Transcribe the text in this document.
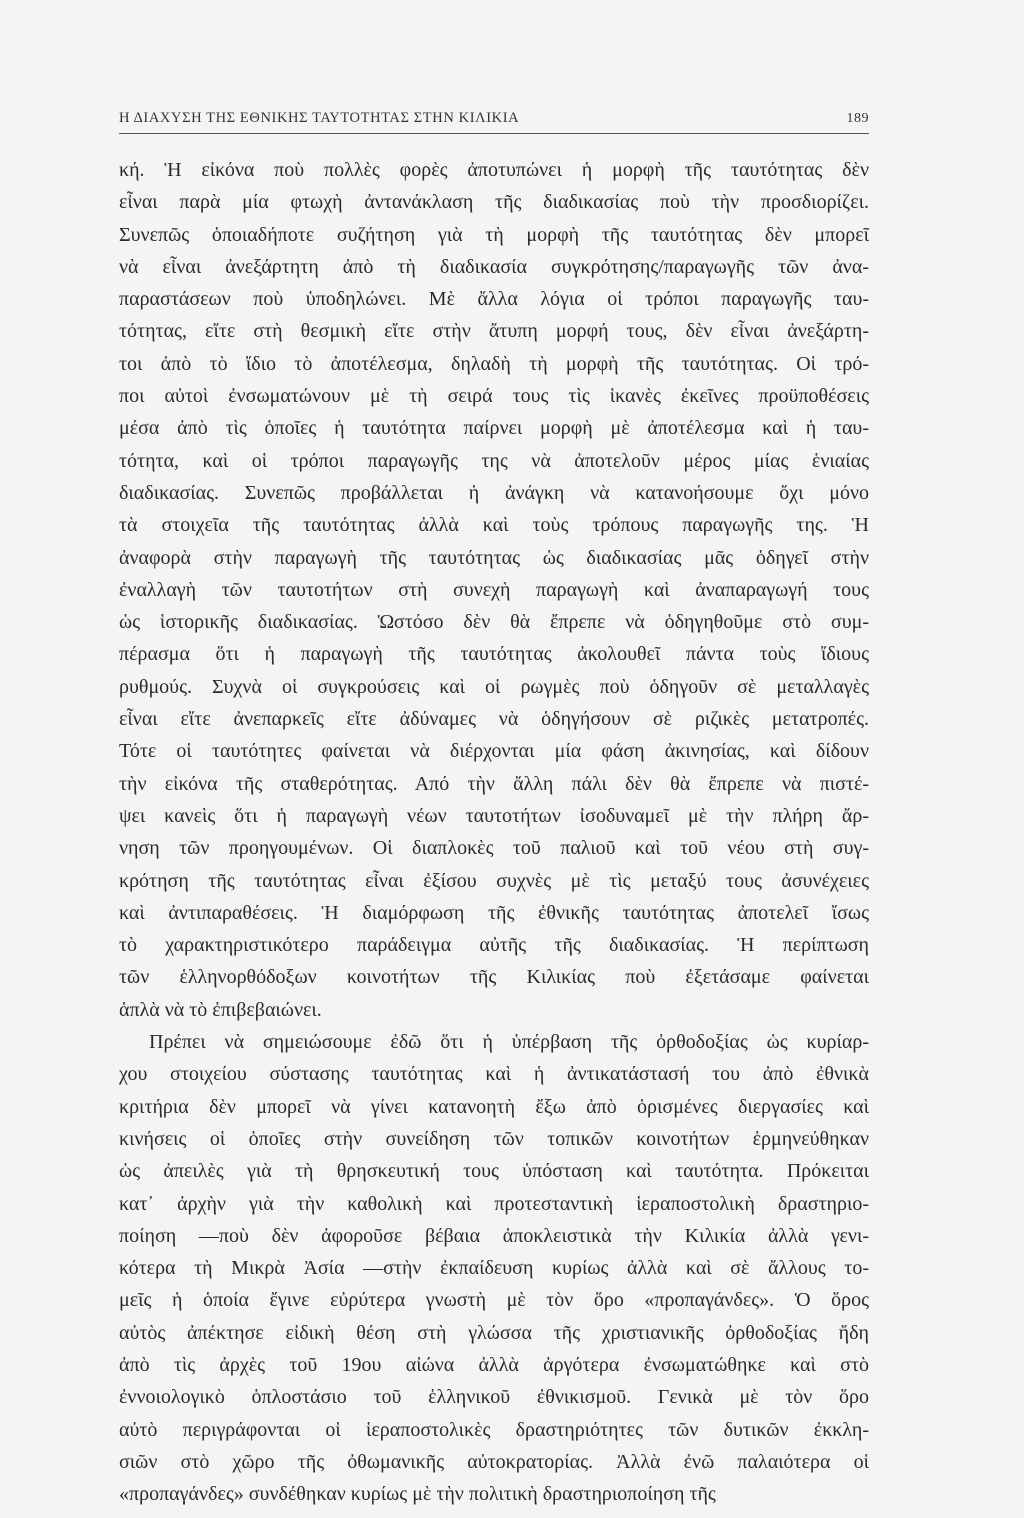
Η ΔΙΑΧΥΣΗ ΤΗΣ ΕΘΝΙΚΗΣ ΤΑΥΤΟΤΗΤΑΣ ΣΤΗΝ ΚΙΛΙΚΙΑ	189

κή. Ἡ εἰκόνα ποὺ πολλὲς φορὲς ἀποτυπώνει ἡ μορφὴ τῆς ταυτότητας δὲν
εἶναι παρὰ μία φτωχὴ ἀντανάκλαση τῆς διαδικασίας ποὺ τὴν προσδιορίζει.
Συνεπῶς ὁποιαδήποτε συζήτηση γιὰ τὴ μορφὴ τῆς ταυτότητας δὲν μπορεῖ
νὰ εἶναι ἀνεξάρτητη ἀπὸ τὴ διαδικασία συγκρότησης/παραγωγῆς τῶν ἀνα-
παραστάσεων ποὺ ὑποδηλώνει. Μὲ ἄλλα λόγια οἱ τρόποι παραγωγῆς ταυ-
τότητας, εἴτε στὴ θεσμικὴ εἴτε στὴν ἄτυπη μορφή τους, δὲν εἶναι ἀνεξάρτη-
τοι ἀπὸ τὸ ἴδιο τὸ ἀποτέλεσμα, δηλαδὴ τὴ μορφὴ τῆς ταυτότητας. Οἱ τρό-
ποι αὐτοὶ ἐνσωματώνουν μὲ τὴ σειρά τους τὶς ἱκανὲς ἐκεῖνες προϋποθέσεις
μέσα ἀπὸ τὶς ὁποῖες ἡ ταυτότητα παίρνει μορφὴ μὲ ἀποτέλεσμα καὶ ἡ ταυ-
τότητα, καὶ οἱ τρόποι παραγωγῆς της νὰ ἀποτελοῦν μέρος μίας ἑνιαίας
διαδικασίας. Συνεπῶς προβάλλεται ἡ ἀνάγκη νὰ κατανοήσουμε ὄχι μόνο
τὰ στοιχεῖα τῆς ταυτότητας ἀλλὰ καὶ τοὺς τρόπους παραγωγῆς της. Ἡ
ἀναφορὰ στὴν παραγωγὴ τῆς ταυτότητας ὡς διαδικασίας μᾶς ὁδηγεῖ στὴν
ἐναλλαγὴ τῶν ταυτοτήτων στὴ συνεχὴ παραγωγὴ καὶ ἀναπαραγωγή τους
ὡς ἱστορικῆς διαδικασίας. Ὡστόσο δὲν θὰ ἔπρεπε νὰ ὁδηγηθοῦμε στὸ συμ-
πέρασμα ὅτι ἡ παραγωγὴ τῆς ταυτότητας ἀκολουθεῖ πάντα τοὺς ἴδιους
ρυθμούς. Συχνὰ οἱ συγκρούσεις καὶ οἱ ρωγμὲς ποὺ ὁδηγοῦν σὲ μεταλλαγὲς
εἶναι εἴτε ἀνεπαρκεῖς εἴτε ἀδύναμες νὰ ὁδηγήσουν σὲ ριζικὲς μετατροπές.
Τότε οἱ ταυτότητες φαίνεται νὰ διέρχονται μία φάση ἀκινησίας, καὶ δίδουν
τὴν εἰκόνα τῆς σταθερότητας. Από τὴν ἄλλη πάλι δὲν θὰ ἔπρεπε νὰ πιστέ-
ψει κανεὶς ὅτι ἡ παραγωγὴ νέων ταυτοτήτων ἰσοδυναμεῖ μὲ τὴν πλήρη ἄρ-
νηση τῶν προηγουμένων. Οἱ διαπλοκὲς τοῦ παλιοῦ καὶ τοῦ νέου στὴ συγ-
κρότηση τῆς ταυτότητας εἶναι ἐξίσου συχνὲς μὲ τὶς μεταξύ τους ἀσυνέχειες
καὶ ἀντιπαραθέσεις. Ἡ διαμόρφωση τῆς ἐθνικῆς ταυτότητας ἀποτελεῖ ἴσως
τὸ χαρακτηριστικότερο παράδειγμα αὐτῆς τῆς διαδικασίας. Ἡ περίπτωση
τῶν ἑλληνορθόδοξων κοινοτήτων τῆς Κιλικίας ποὺ ἐξετάσαμε φαίνεται
ἁπλὰ νὰ τὸ ἐπιβεβαιώνει.

Πρέπει νὰ σημειώσουμε ἐδῶ ὅτι ἡ ὑπέρβαση τῆς ὀρθοδοξίας ὡς κυρίαρ-
χου στοιχείου σύστασης ταυτότητας καὶ ἡ ἀντικατάστασή του ἀπὸ ἐθνικὰ
κριτήρια δὲν μπορεῖ νὰ γίνει κατανοητὴ ἔξω ἀπὸ ὁρισμένες διεργασίες καὶ
κινήσεις οἱ ὁποῖες στὴν συνείδηση τῶν τοπικῶν κοινοτήτων ἑρμηνεύθηκαν
ὡς ἀπειλὲς γιὰ τὴ θρησκευτική τους ὑπόσταση καὶ ταυτότητα. Πρόκειται
κατ᾽ ἀρχὴν γιὰ τὴν καθολικὴ καὶ προτεσταντικὴ ἱεραποστολικὴ δραστηριο-
ποίηση —ποὺ δὲν ἀφοροῦσε βέβαια ἀποκλειστικὰ τὴν Κιλικία ἀλλὰ γενι-
κότερα τὴ Μικρὰ Ἀσία —στὴν ἐκπαίδευση κυρίως ἀλλὰ καὶ σὲ ἄλλους το-
μεῖς ἡ ὁποία ἔγινε εὐρύτερα γνωστὴ μὲ τὸν ὅρο «προπαγάνδες». Ὁ ὅρος
αὐτὸς ἀπέκτησε εἰδικὴ θέση στὴ γλώσσα τῆς χριστιανικῆς ὀρθοδοξίας ἤδη
ἀπὸ τὶς ἀρχὲς τοῦ 19ου αἰώνα ἀλλὰ ἀργότερα ἐνσωματώθηκε καὶ στὸ
ἐννοιολογικὸ ὁπλοστάσιο τοῦ ἑλληνικοῦ ἐθνικισμοῦ. Γενικὰ μὲ τὸν ὅρο
αὐτὸ περιγράφονται οἱ ἱεραποστολικὲς δραστηριότητες τῶν δυτικῶν ἐκκλη-
σιῶν στὸ χῶρο τῆς ὀθωμανικῆς αὐτοκρατορίας. Ἀλλὰ ἐνῶ παλαιότερα οἱ
«προπαγάνδες» συνδέθηκαν κυρίως μὲ τὴν πολιτικὴ δραστηριοποίηση τῆς
